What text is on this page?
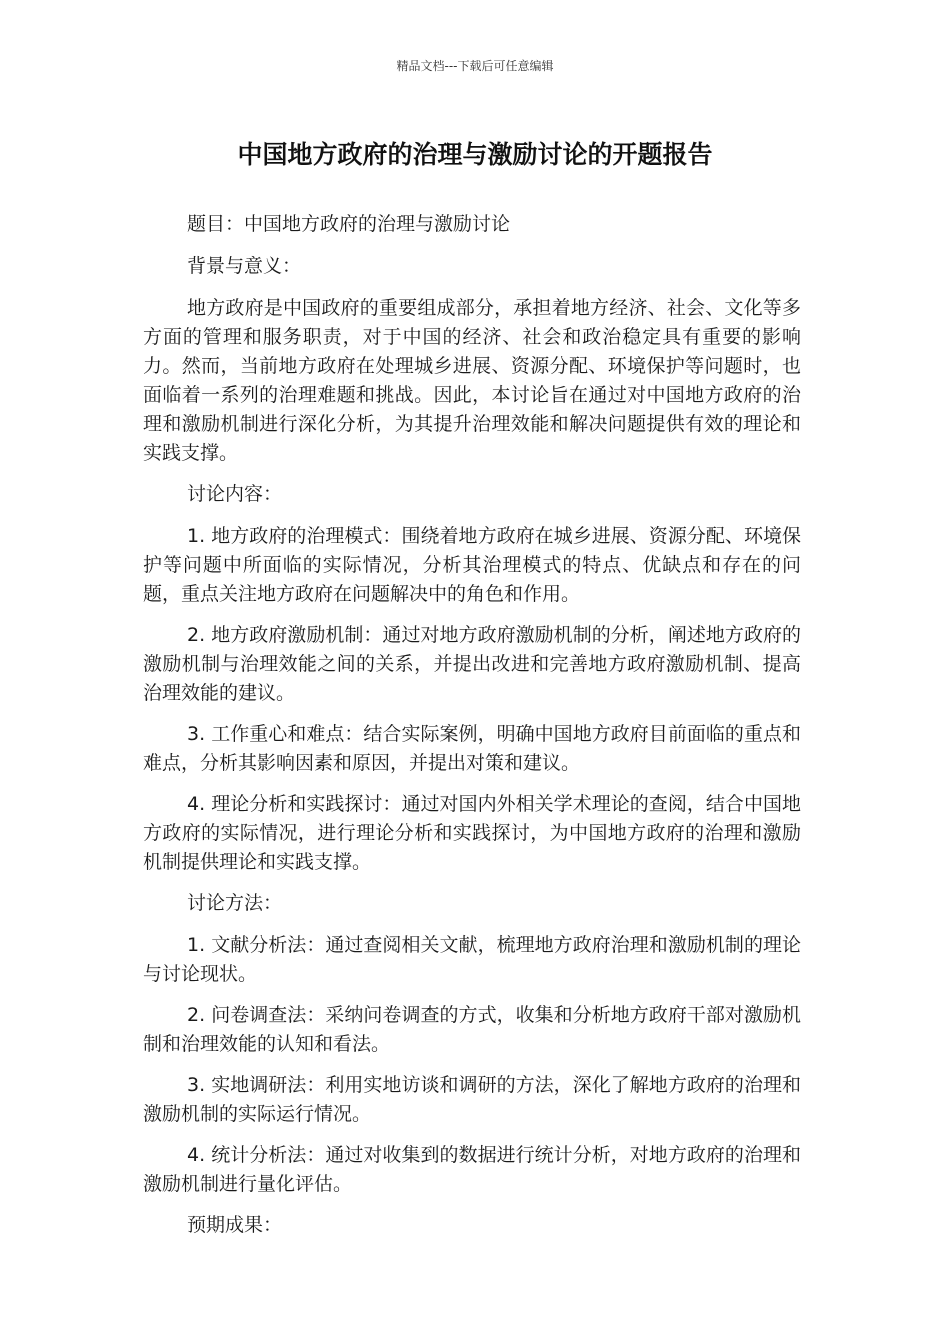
精品文档---下载后可任意编辑
中国地方政府的治理与激励讨论的开题报告

题目：中国地方政府的治理与激励讨论

背景与意义：

地方政府是中国政府的重要组成部分，承担着地方经济、社会、文化等多方面的管理和服务职责，对于中国的经济、社会和政治稳定具有重要的影响力。然而，当前地方政府在处理城乡进展、资源分配、环境保护等问题时，也面临着一系列的治理难题和挑战。因此，本讨论旨在通过对中国地方政府的治理和激励机制进行深化分析，为其提升治理效能和解决问题提供有效的理论和实践支撑。

讨论内容：

1. 地方政府的治理模式：围绕着地方政府在城乡进展、资源分配、环境保护等问题中所面临的实际情况，分析其治理模式的特点、优缺点和存在的问题，重点关注地方政府在问题解决中的角色和作用。

2. 地方政府激励机制：通过对地方政府激励机制的分析，阐述地方政府的激励机制与治理效能之间的关系，并提出改进和完善地方政府激励机制、提高治理效能的建议。

3. 工作重心和难点：结合实际案例，明确中国地方政府目前面临的重点和难点，分析其影响因素和原因，并提出对策和建议。

4. 理论分析和实践探讨：通过对国内外相关学术理论的查阅，结合中国地方政府的实际情况，进行理论分析和实践探讨，为中国地方政府的治理和激励机制提供理论和实践支撑。

讨论方法：

1. 文献分析法：通过查阅相关文献，梳理地方政府治理和激励机制的理论与讨论现状。

2. 问卷调查法：采纳问卷调查的方式，收集和分析地方政府干部对激励机制和治理效能的认知和看法。

3. 实地调研法：利用实地访谈和调研的方法，深化了解地方政府的治理和激励机制的实际运行情况。

4. 统计分析法：通过对收集到的数据进行统计分析，对地方政府的治理和激励机制进行量化评估。

预期成果：
